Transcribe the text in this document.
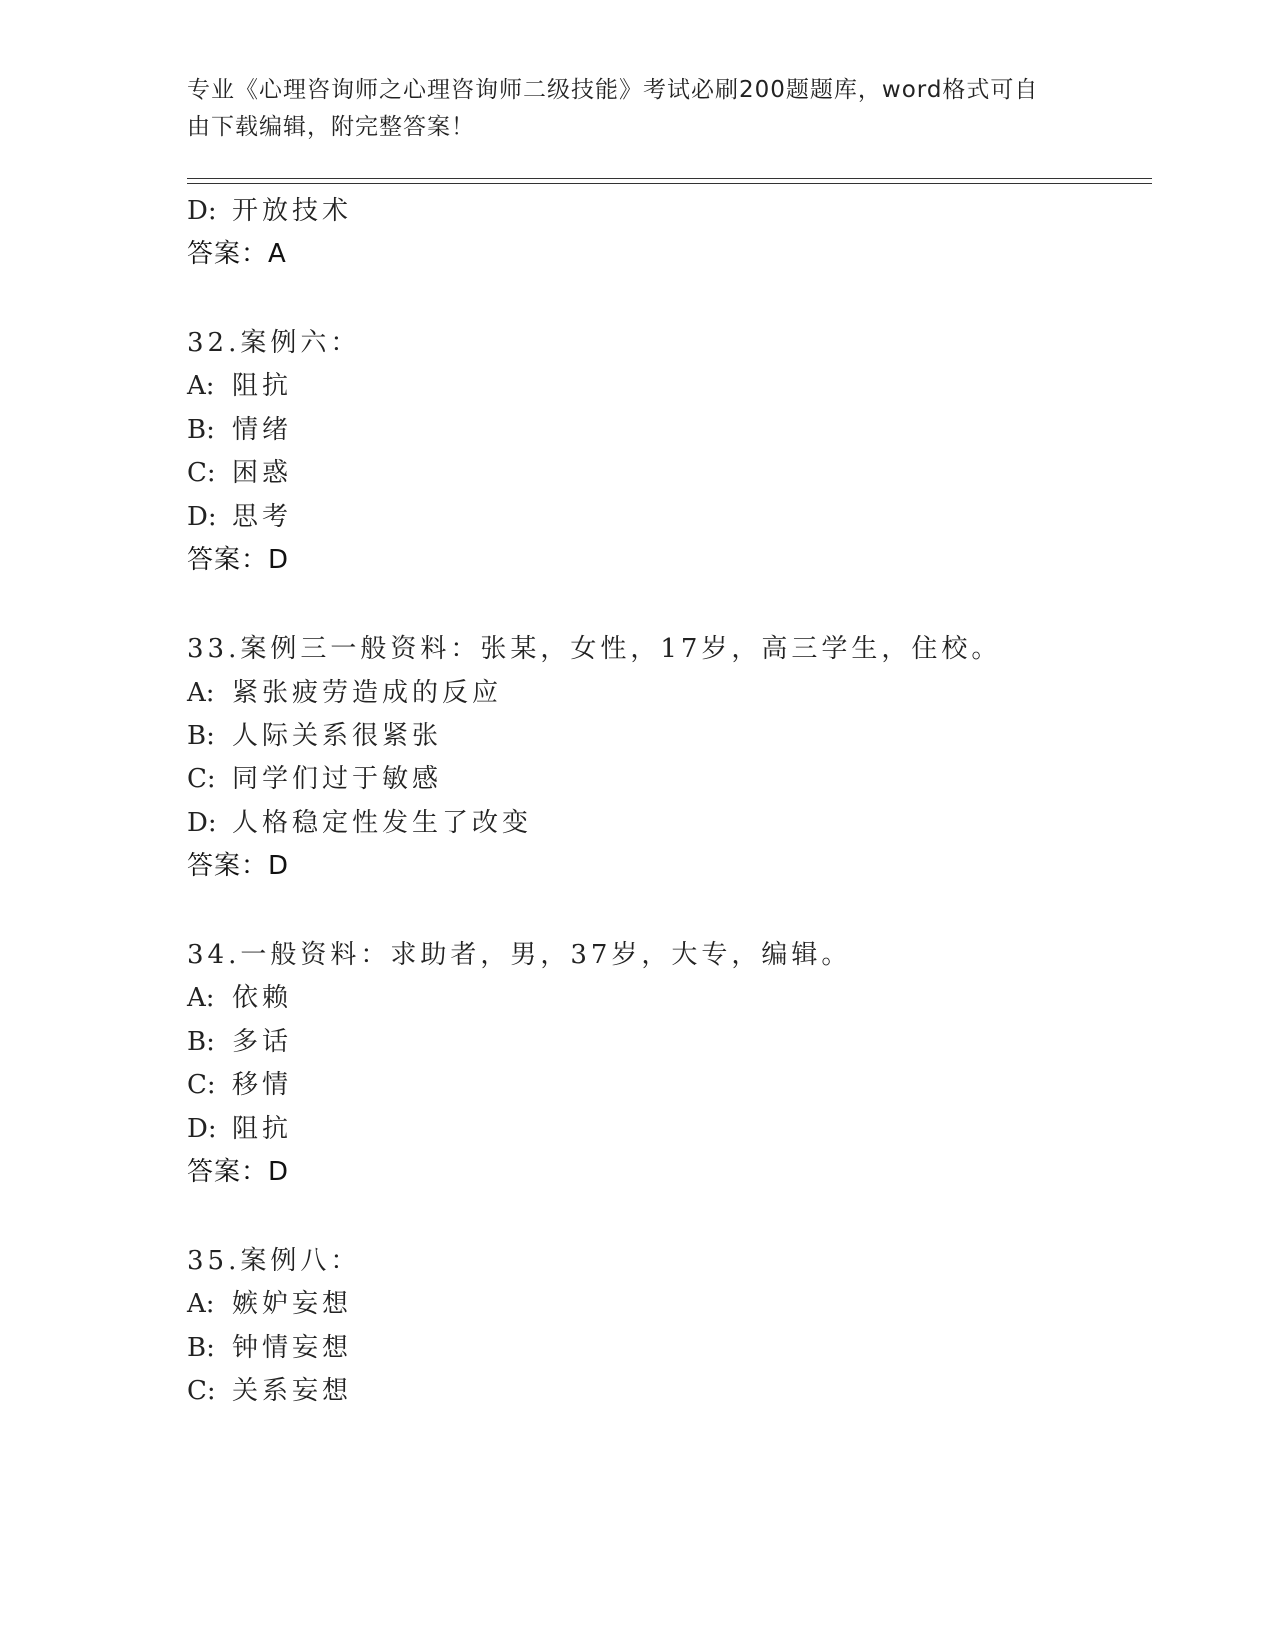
专业《心理咨询师之心理咨询师二级技能》考试必刷200题题库，word格式可自
由下载编辑，附完整答案！
D: 开放技术
答案：A
32.案例六：
A: 阻抗
B: 情绪
C: 困惑
D: 思考
答案：D
33.案例三一般资料：张某，女性，17岁，高三学生，住校。
A: 紧张疲劳造成的反应
B: 人际关系很紧张
C: 同学们过于敏感
D: 人格稳定性发生了改变
答案：D
34.一般资料：求助者，男，37岁，大专，编辑。
A: 依赖
B: 多话
C: 移情
D: 阻抗
答案：D
35.案例八：
A: 嫉妒妄想
B: 钟情妄想
C: 关系妄想
